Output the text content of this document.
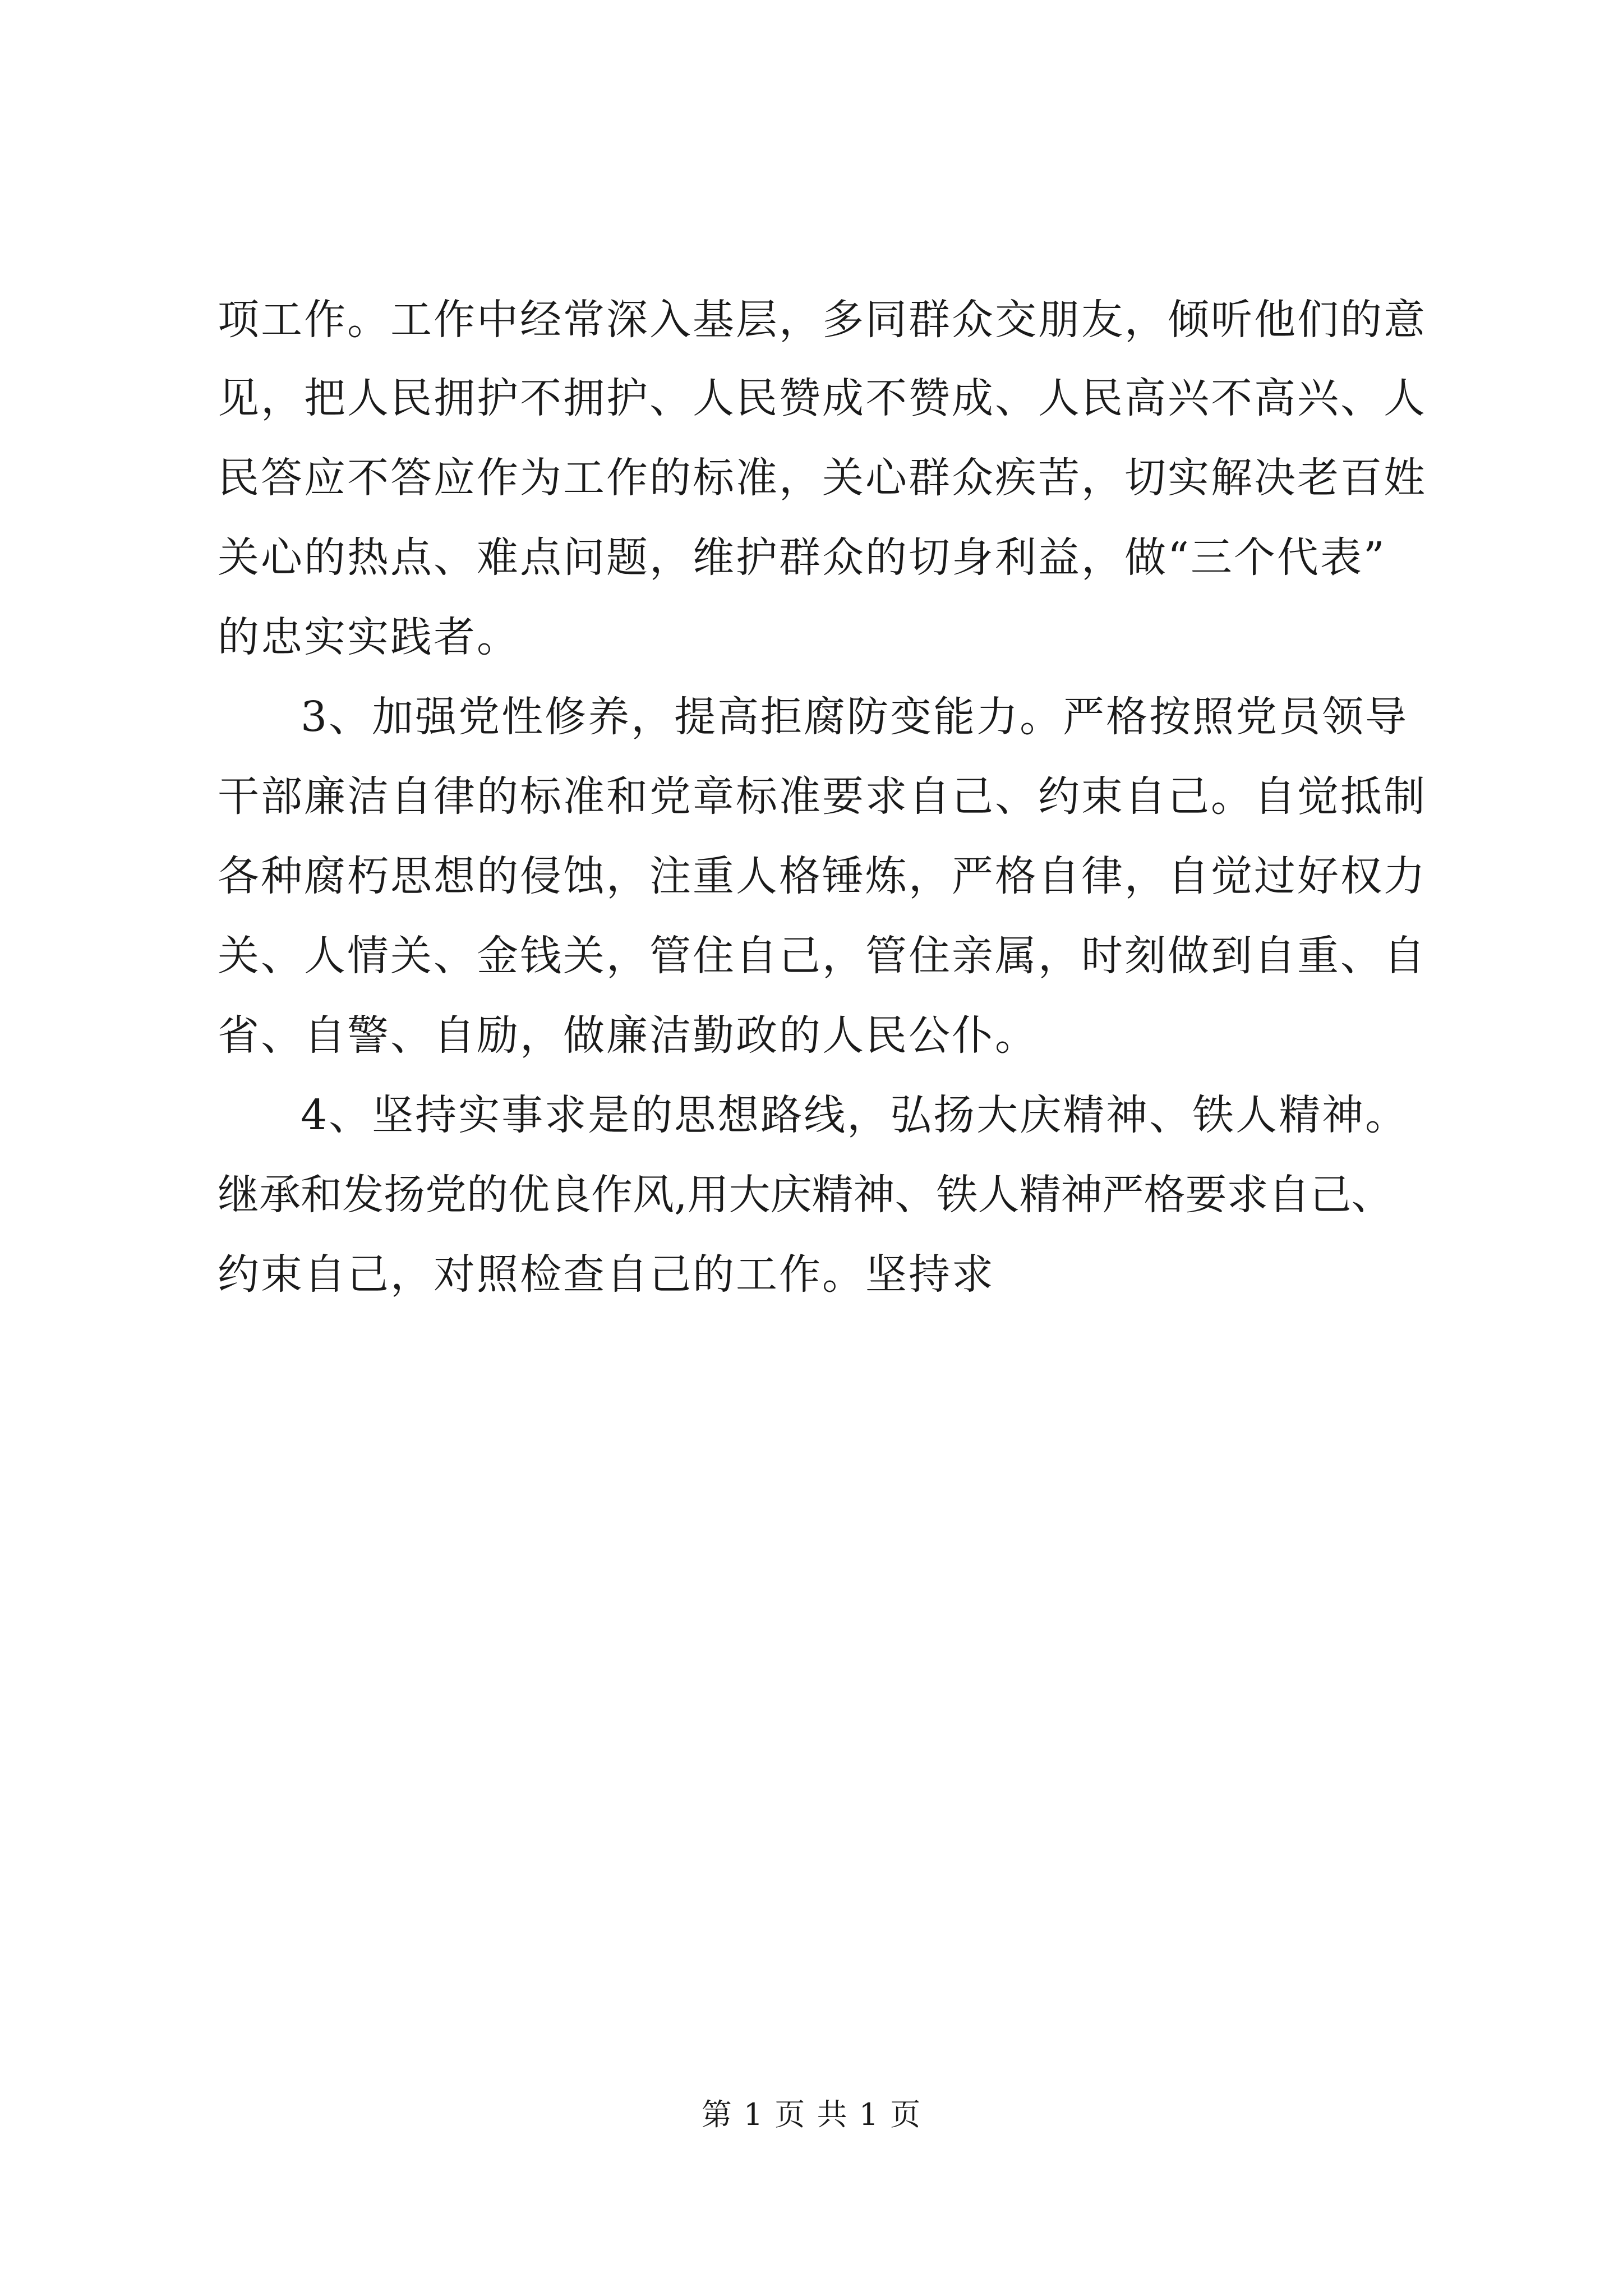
项工作。工作中经常深入基层，多同群众交朋友，倾听他们的意
见，把人民拥护不拥护、人民赞成不赞成、人民高兴不高兴、人
民答应不答应作为工作的标准，关心群众疾苦，切实解决老百姓
关心的热点、难点问题，维护群众的切身利益，做“三个代表”
的忠实实践者。
3、加强党性修养，提高拒腐防变能力。严格按照党员领导
干部廉洁自律的标准和党章标准要求自己、约束自己。自觉抵制
各种腐朽思想的侵蚀，注重人格锤炼，严格自律，自觉过好权力
关、人情关、金钱关，管住自己，管住亲属，时刻做到自重、自
省、自警、自励，做廉洁勤政的人民公仆。
4、坚持实事求是的思想路线，弘扬大庆精神、铁人精神。
继承和发扬党的优良作风,用大庆精神、铁人精神严格要求自己、
约束自己，对照检查自己的工作。坚持求
第 1 页 共 1 页
